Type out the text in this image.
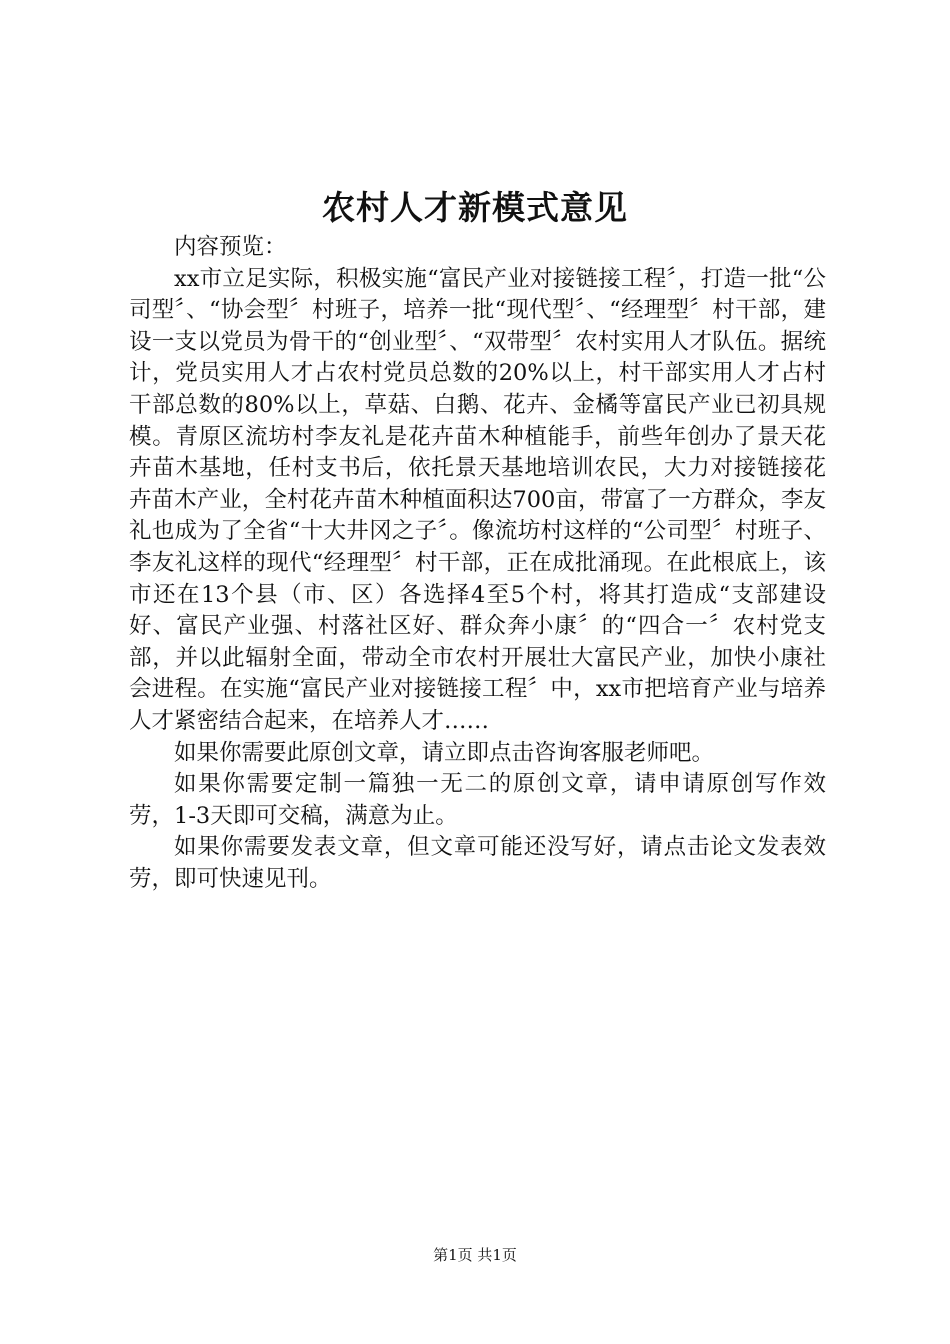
农村人才新模式意见

内容预览：

xx市立足实际，积极实施“富民产业对接链接工程〞，打造一批“公司型〞、“协会型〞村班子，培养一批“现代型〞、“经理型〞村干部，建设一支以党员为骨干的“创业型〞、“双带型〞农村实用人才队伍。据统计，党员实用人才占农村党员总数的20%以上，村干部实用人才占村干部总数的80%以上，草菇、白鹅、花卉、金橘等富民产业已初具规模。青原区流坊村李友礼是花卉苗木种植能手，前些年创办了景天花卉苗木基地，任村支书后，依托景天基地培训农民，大力对接链接花卉苗木产业，全村花卉苗木种植面积达700亩，带富了一方群众，李友礼也成为了全省“十大井冈之子〞。像流坊村这样的“公司型〞村班子、李友礼这样的现代“经理型〞村干部，正在成批涌现。在此根底上，该市还在13个县（市、区）各选择4至5个村，将其打造成“支部建设好、富民产业强、村落社区好、群众奔小康〞的“四合一〞农村党支部，并以此辐射全面，带动全市农村开展壮大富民产业，加快小康社会进程。在实施“富民产业对接链接工程〞中，xx市把培育产业与培养人才紧密结合起来，在培养人才……

如果你需要此原创文章，请立即点击咨询客服老师吧。

如果你需要定制一篇独一无二的原创文章，请申请原创写作效劳，1-3天即可交稿，满意为止。

如果你需要发表文章，但文章可能还没写好，请点击论文发表效劳，即可快速见刊。

第1页 共1页
